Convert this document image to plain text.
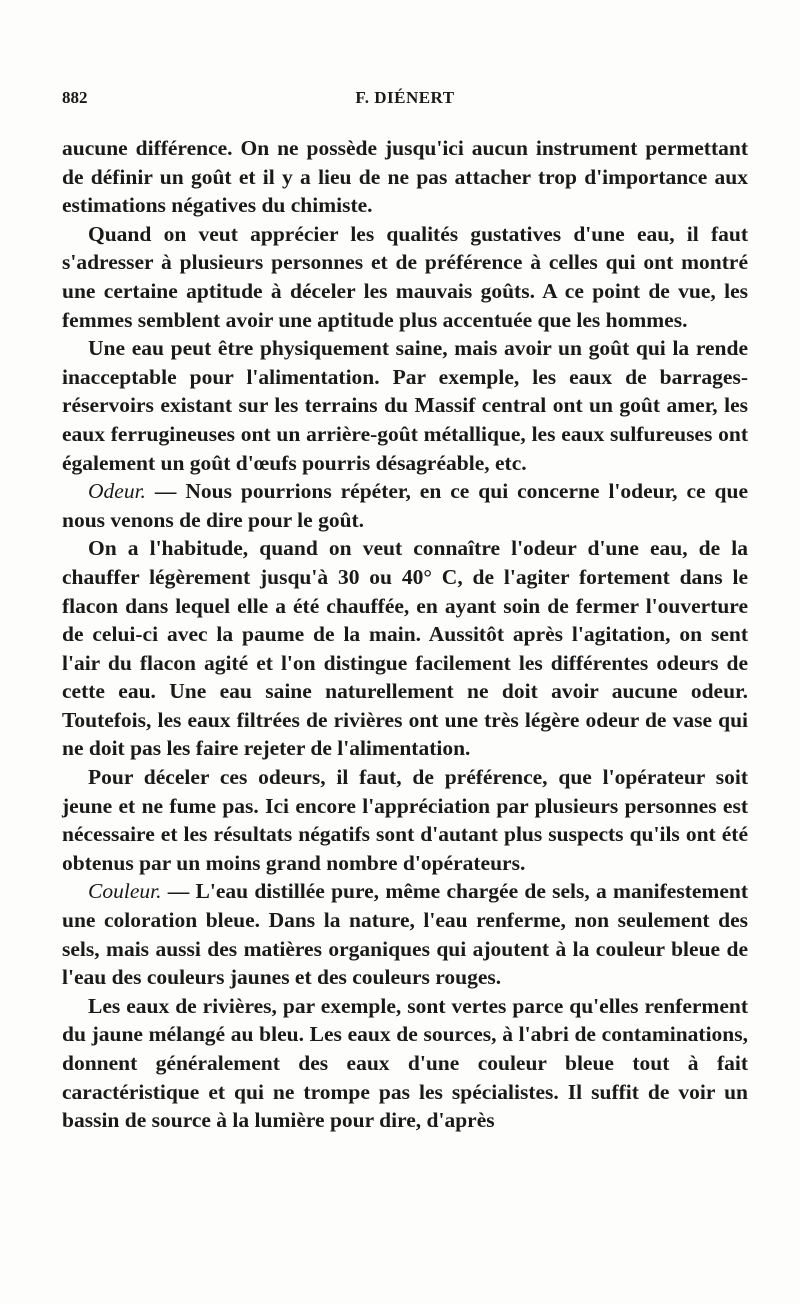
882	F. DIÉNERT

aucune différence. On ne possède jusqu'ici aucun instrument permettant de définir un goût et il y a lieu de ne pas attacher trop d'importance aux estimations négatives du chimiste.

Quand on veut apprécier les qualités gustatives d'une eau, il faut s'adresser à plusieurs personnes et de préférence à celles qui ont montré une certaine aptitude à déceler les mauvais goûts. A ce point de vue, les femmes semblent avoir une aptitude plus accentuée que les hommes.

Une eau peut être physiquement saine, mais avoir un goût qui la rende inacceptable pour l'alimentation. Par exemple, les eaux de barrages-réservoirs existant sur les terrains du Massif central ont un goût amer, les eaux ferrugineuses ont un arrière-goût métallique, les eaux sulfureuses ont également un goût d'œufs pourris désagréable, etc.

Odeur. — Nous pourrions répéter, en ce qui concerne l'odeur, ce que nous venons de dire pour le goût.

On a l'habitude, quand on veut connaître l'odeur d'une eau, de la chauffer légèrement jusqu'à 30 ou 40° C, de l'agiter fortement dans le flacon dans lequel elle a été chauffée, en ayant soin de fermer l'ouverture de celui-ci avec la paume de la main. Aussitôt après l'agitation, on sent l'air du flacon agité et l'on distingue facilement les différentes odeurs de cette eau. Une eau saine naturellement ne doit avoir aucune odeur. Toutefois, les eaux filtrées de rivières ont une très légère odeur de vase qui ne doit pas les faire rejeter de l'alimentation.

Pour déceler ces odeurs, il faut, de préférence, que l'opérateur soit jeune et ne fume pas. Ici encore l'appréciation par plusieurs personnes est nécessaire et les résultats négatifs sont d'autant plus suspects qu'ils ont été obtenus par un moins grand nombre d'opérateurs.

Couleur. — L'eau distillée pure, même chargée de sels, a manifestement une coloration bleue. Dans la nature, l'eau renferme, non seulement des sels, mais aussi des matières organiques qui ajoutent à la couleur bleue de l'eau des couleurs jaunes et des couleurs rouges.

Les eaux de rivières, par exemple, sont vertes parce qu'elles renferment du jaune mélangé au bleu. Les eaux de sources, à l'abri de contaminations, donnent généralement des eaux d'une couleur bleue tout à fait caractéristique et qui ne trompe pas les spécialistes. Il suffit de voir un bassin de source à la lumière pour dire, d'après
